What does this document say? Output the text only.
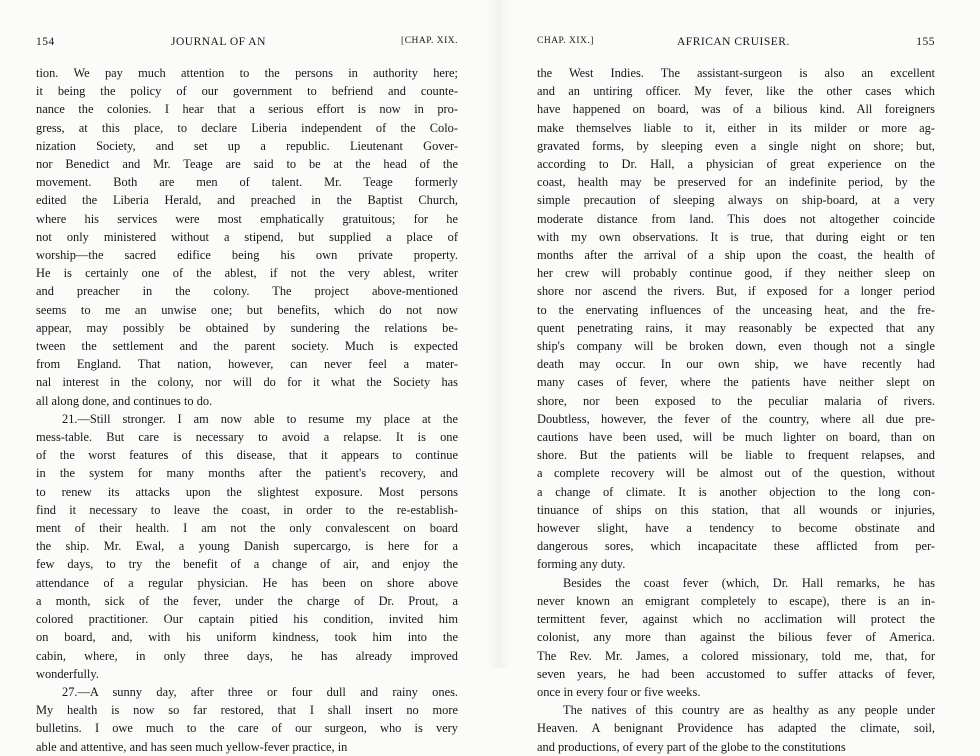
154	JOURNAL OF AN	[CHAP. XIX.
tion. We pay much attention to the persons in authority here;
it being the policy of our government to befriend and counte-
nance the colonies. I hear that a serious effort is now in pro-
gress, at this place, to declare Liberia independent of the Colo-
nization Society, and set up a republic. Lieutenant Gover-
nor Benedict and Mr. Teage are said to be at the head of the
movement. Both are men of talent. Mr. Teage formerly
edited the Liberia Herald, and preached in the Baptist Church,
where his services were most emphatically gratuitous; for he
not only ministered without a stipend, but supplied a place of
worship—the sacred edifice being his own private property.
He is certainly one of the ablest, if not the very ablest, writer
and preacher in the colony. The project above-mentioned
seems to me an unwise one; but benefits, which do not now
appear, may possibly be obtained by sundering the relations be-
tween the settlement and the parent society. Much is expected
from England. That nation, however, can never feel a mater-
nal interest in the colony, nor will do for it what the Society has
all along done, and continues to do.
21.—Still stronger. I am now able to resume my place at the
mess-table. But care is necessary to avoid a relapse. It is one
of the worst features of this disease, that it appears to continue
in the system for many months after the patient's recovery, and
to renew its attacks upon the slightest exposure. Most persons
find it necessary to leave the coast, in order to the re-establish-
ment of their health. I am not the only convalescent on board
the ship. Mr. Ewal, a young Danish supercargo, is here for a
few days, to try the benefit of a change of air, and enjoy the
attendance of a regular physician. He has been on shore above
a month, sick of the fever, under the charge of Dr. Prout, a
colored practitioner. Our captain pitied his condition, invited him
on board, and, with his uniform kindness, took him into the
cabin, where, in only three days, he has already improved
wonderfully.
27.—A sunny day, after three or four dull and rainy ones.
My health is now so far restored, that I shall insert no more
bulletins. I owe much to the care of our surgeon, who is very
able and attentive, and has seen much yellow-fever practice, in
CHAP. XIX.]	AFRICAN CRUISER.	155
the West Indies. The assistant-surgeon is also an excellent
and an untiring officer. My fever, like the other cases which
have happened on board, was of a bilious kind. All foreigners
make themselves liable to it, either in its milder or more ag-
gravated forms, by sleeping even a single night on shore; but,
according to Dr. Hall, a physician of great experience on the
coast, health may be preserved for an indefinite period, by the
simple precaution of sleeping always on ship-board, at a very
moderate distance from land. This does not altogether coincide
with my own observations. It is true, that during eight or ten
months after the arrival of a ship upon the coast, the health of
her crew will probably continue good, if they neither sleep on
shore nor ascend the rivers. But, if exposed for a longer period
to the enervating influences of the unceasing heat, and the fre-
quent penetrating rains, it may reasonably be expected that any
ship's company will be broken down, even though not a single
death may occur. In our own ship, we have recently had
many cases of fever, where the patients have neither slept on
shore, nor been exposed to the peculiar malaria of rivers.
Doubtless, however, the fever of the country, where all due pre-
cautions have been used, will be much lighter on board, than on
shore. But the patients will be liable to frequent relapses, and
a complete recovery will be almost out of the question, without
a change of climate. It is another objection to the long con-
tinuance of ships on this station, that all wounds or injuries,
however slight, have a tendency to become obstinate and
dangerous sores, which incapacitate these afflicted from per-
forming any duty.
Besides the coast fever (which, Dr. Hall remarks, he has
never known an emigrant completely to escape), there is an in-
termittent fever, against which no acclimation will protect the
colonist, any more than against the bilious fever of America.
The Rev. Mr. James, a colored missionary, told me, that, for
seven years, he had been accustomed to suffer attacks of fever,
once in every four or five weeks.
The natives of this country are as healthy as any people under
Heaven. A benignant Providence has adapted the climate, soil,
and productions, of every part of the globe to the constitutions
